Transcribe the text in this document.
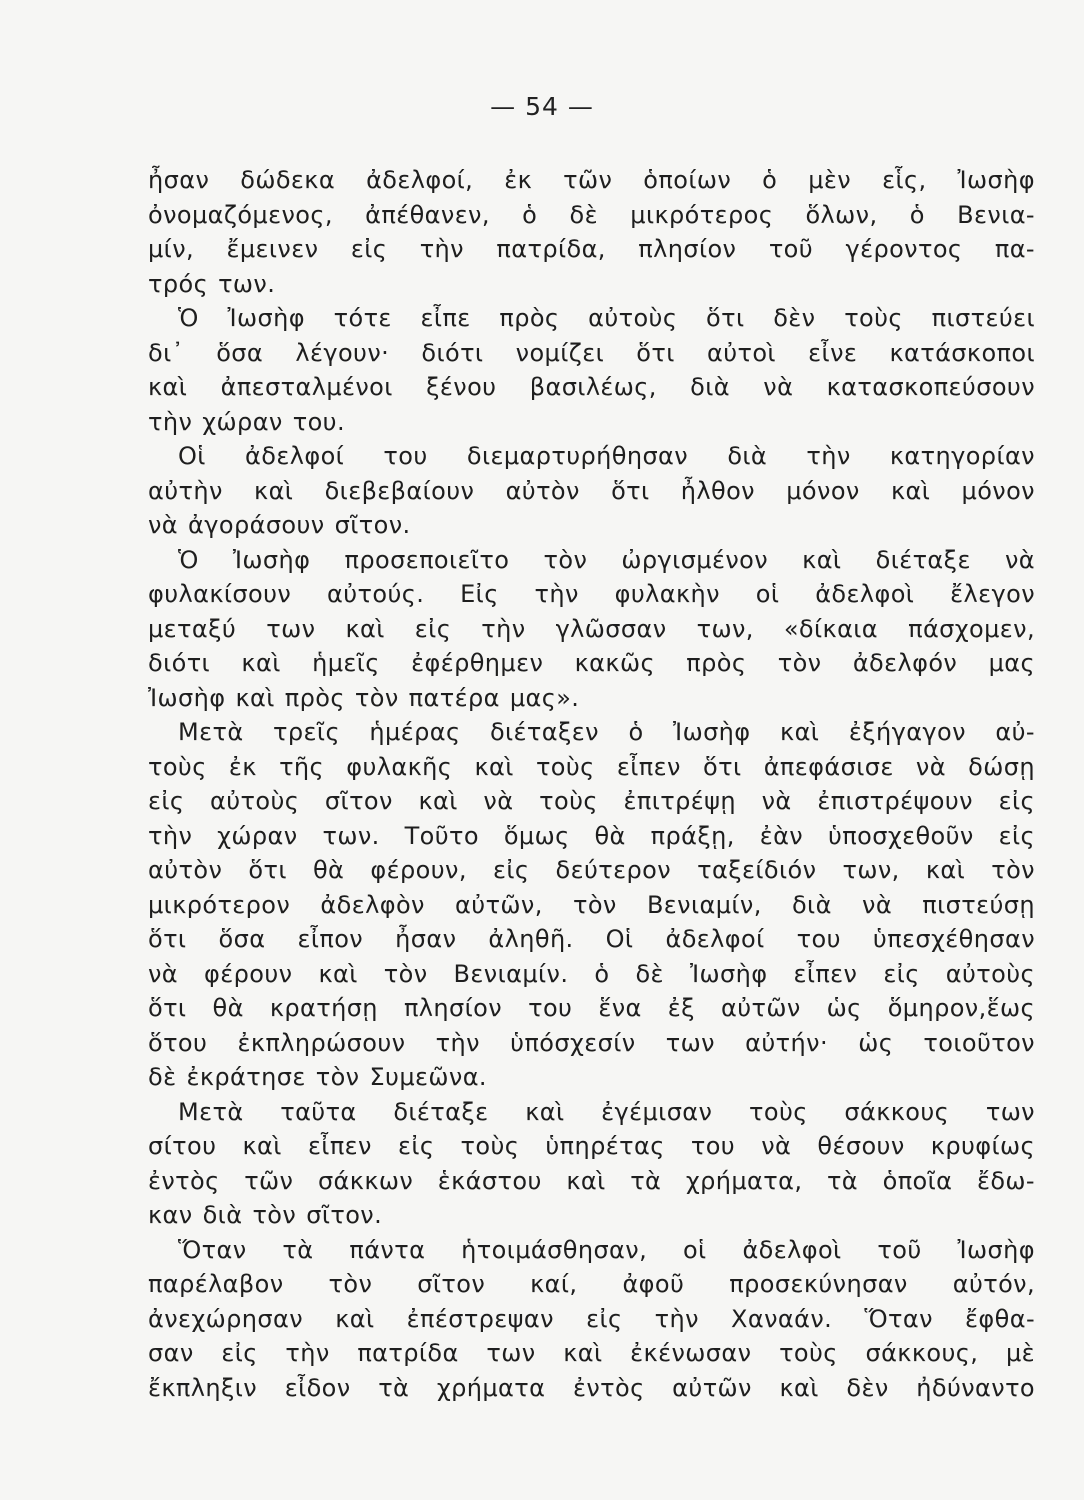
— 54 —
ἦσαν δώδεκα ἀδελφοί, ἐκ τῶν ὁποίων ὁ μὲν εἷς, Ἰωσὴφ
ὀνομαζόμενος, ἀπέθανεν, ὁ δὲ μικρότερος ὅλων, ὁ Βενια-
μίν, ἔμεινεν εἰς τὴν πατρίδα, πλησίον τοῦ γέροντος πα-
τρός των.
Ὁ Ἰωσὴφ τότε εἶπε πρὸς αὐτοὺς ὅτι δὲν τοὺς πιστεύει
δι᾽ ὅσα λέγουν· διότι νομίζει ὅτι αὐτοὶ εἶνε κατάσκοποι
καὶ ἀπεσταλμένοι ξένου βασιλέως, διὰ νὰ κατασκοπεύσουν
τὴν χώραν του.
Οἱ ἀδελφοί του διεμαρτυρήθησαν διὰ τὴν κατηγορίαν
αὐτὴν καὶ διεβεβαίουν αὐτὸν ὅτι ἦλθον μόνον καὶ μόνον
νὰ ἀγοράσουν σῖτον.
Ὁ Ἰωσὴφ προσεποιεῖτο τὸν ὠργισμένον καὶ διέταξε νὰ
φυλακίσουν αὐτούς. Εἰς τὴν φυλακὴν οἱ ἀδελφοὶ ἔλεγον
μεταξύ των καὶ εἰς τὴν γλῶσσαν των, «δίκαια πάσχομεν,
διότι καὶ ἡμεῖς ἐφέρθημεν κακῶς πρὸς τὸν ἀδελφόν μας
Ἰωσὴφ καὶ πρὸς τὸν πατέρα μας».
Μετὰ τρεῖς ἡμέρας διέταξεν ὁ Ἰωσὴφ καὶ ἐξήγαγον αὐ-
τοὺς ἐκ τῆς φυλακῆς καὶ τοὺς εἶπεν ὅτι ἀπεφάσισε νὰ δώσῃ
εἰς αὐτοὺς σῖτον καὶ νὰ τοὺς ἐπιτρέψῃ νὰ ἐπιστρέψουν εἰς
τὴν χώραν των. Τοῦτο ὅμως θὰ πράξῃ, ἐὰν ὑποσχεθοῦν εἰς
αὐτὸν ὅτι θὰ φέρουν, εἰς δεύτερον ταξείδιόν των, καὶ τὸν
μικρότερον ἀδελφὸν αὐτῶν, τὸν Βενιαμίν, διὰ νὰ πιστεύσῃ
ὅτι ὅσα εἶπον ἦσαν ἀληθῆ. Οἱ ἀδελφοί του ὑπεσχέθησαν
νὰ φέρουν καὶ τὸν Βενιαμίν. ὁ δὲ Ἰωσὴφ εἶπεν εἰς αὐτοὺς
ὅτι θὰ κρατήσῃ πλησίον του ἕνα ἐξ αὐτῶν ὡς ὅμηρον,ἕως
ὅτου ἐκπληρώσουν τὴν ὑπόσχεσίν των αὐτήν· ὡς τοιοῦτον
δὲ ἐκράτησε τὸν Συμεῶνα.
Μετὰ ταῦτα διέταξε καὶ ἐγέμισαν τοὺς σάκκους των
σίτου καὶ εἶπεν εἰς τοὺς ὑπηρέτας του νὰ θέσουν κρυφίως
ἐντὸς τῶν σάκκων ἑκάστου καὶ τὰ χρήματα, τὰ ὁποῖα ἔδω-
καν διὰ τὸν σῖτον.
Ὅταν τὰ πάντα ἡτοιμάσθησαν, οἱ ἀδελφοὶ τοῦ Ἰωσὴφ
παρέλαβον τὸν σῖτον καί, ἀφοῦ προσεκύνησαν αὐτόν,
ἀνεχώρησαν καὶ ἐπέστρεψαν εἰς τὴν Χαναάν. Ὅταν ἔφθα-
σαν εἰς τὴν πατρίδα των καὶ ἐκένωσαν τοὺς σάκκους, μὲ
ἔκπληξιν εἶδον τὰ χρήματα ἐντὸς αὐτῶν καὶ δὲν ἠδύναντο
